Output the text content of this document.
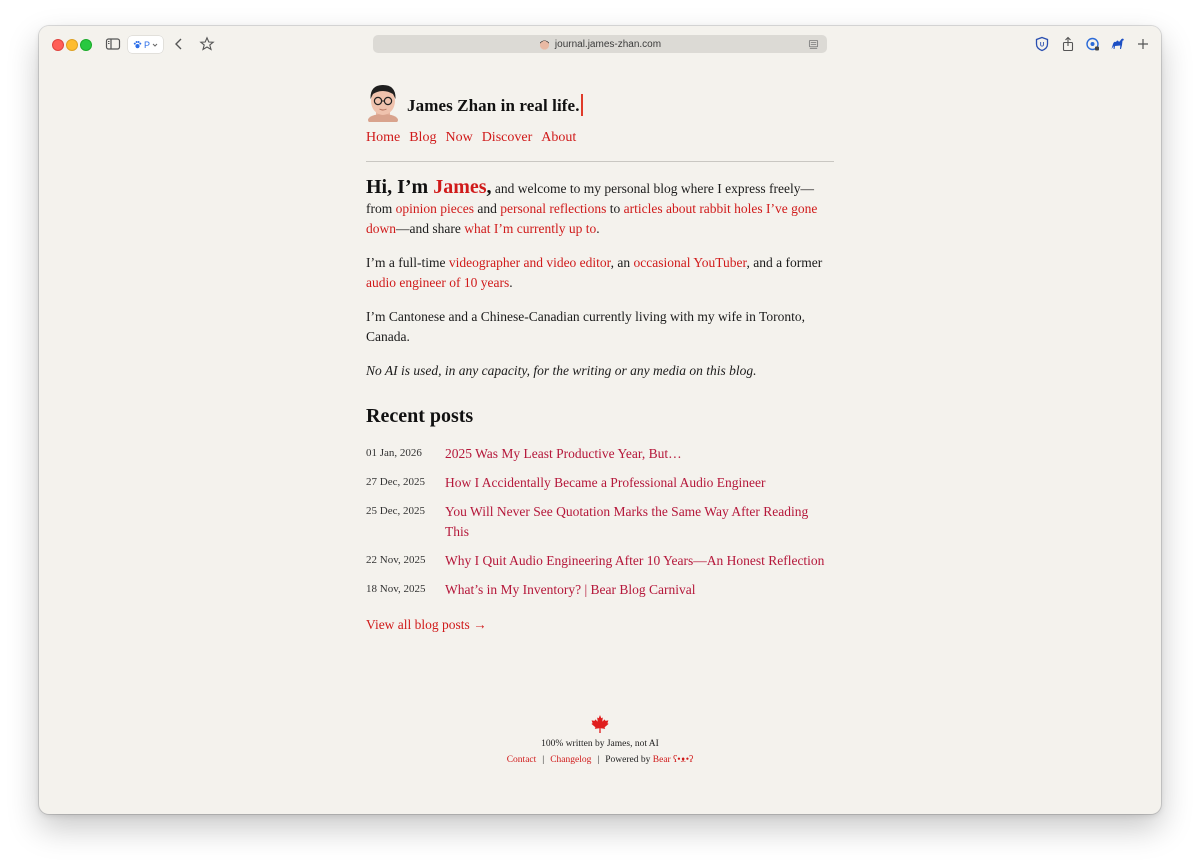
P	journal.james-zhan.com	U
James Zhan in real life.
Home Blog Now Discover About

Hi, I’m James, and welcome to my personal blog where I express freely—from opinion pieces and personal reflections to articles about rabbit holes I’ve gone down—and share what I’m currently up to.

I’m a full-time videographer and video editor, an occasional YouTuber, and a former audio engineer of 10 years.

I’m Cantonese and a Chinese-Canadian currently living with my wife in Toronto, Canada.

No AI is used, in any capacity, for the writing or any media on this blog.

Recent posts
01 Jan, 2026	2025 Was My Least Productive Year, But…
27 Dec, 2025	How I Accidentally Became a Professional Audio Engineer
25 Dec, 2025	You Will Never See Quotation Marks the Same Way After Reading This
22 Nov, 2025	Why I Quit Audio Engineering After 10 Years—An Honest Reflection
18 Nov, 2025	What’s in My Inventory? | Bear Blog Carnival
View all blog posts →
100% written by James, not AI
Contact | Changelog | Powered by Bear ʕ•ᴥ•ʔ
